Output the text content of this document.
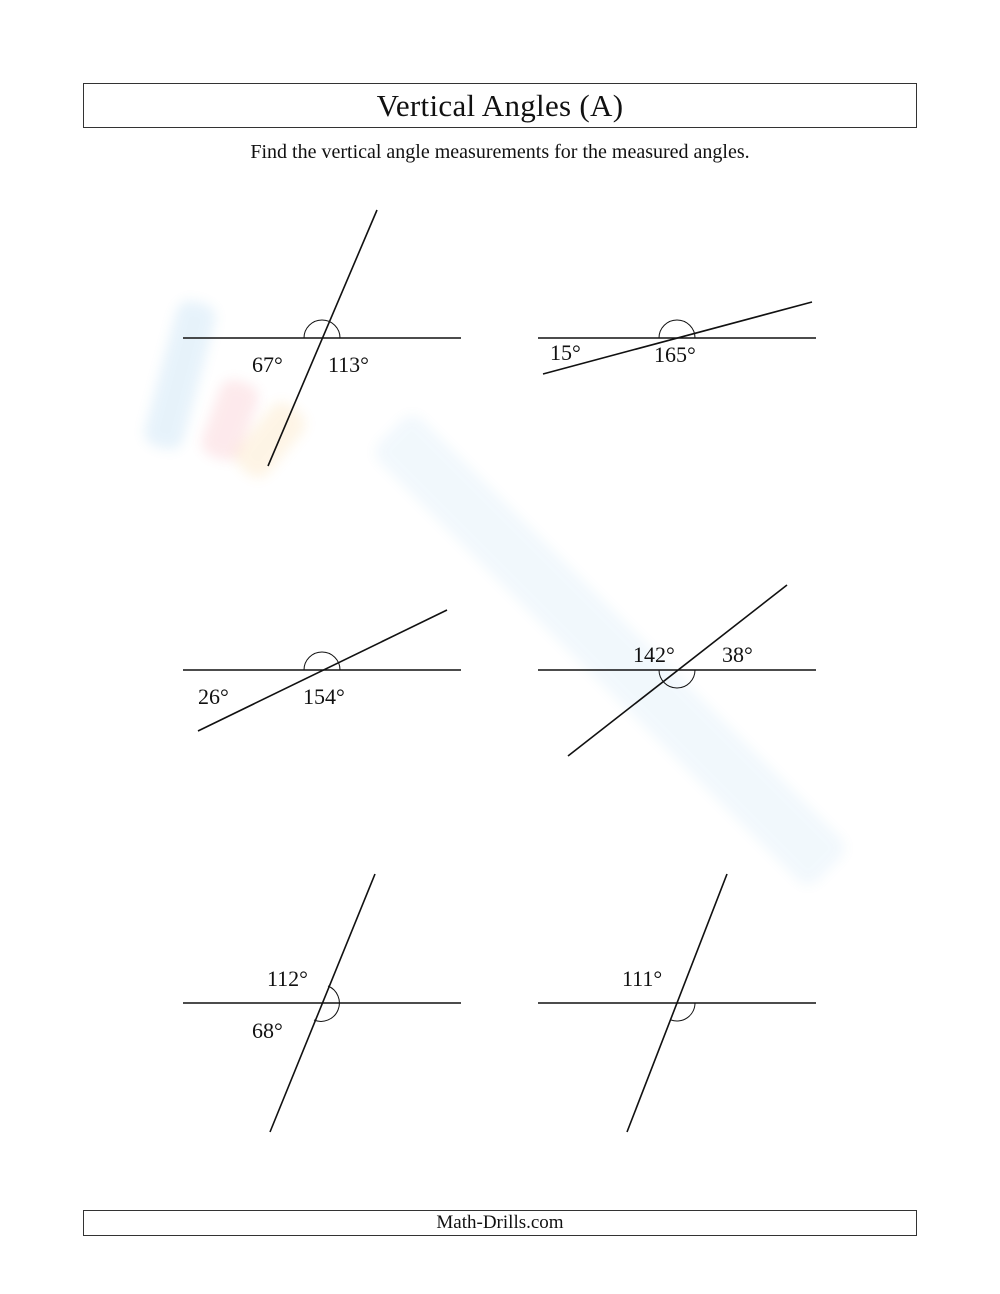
Vertical Angles (A)
Find the vertical angle measurements for the measured angles.
67° 113°	15°	165°
26°	154°
142° 38°
112°
68°
111°
Math-Drills.com
